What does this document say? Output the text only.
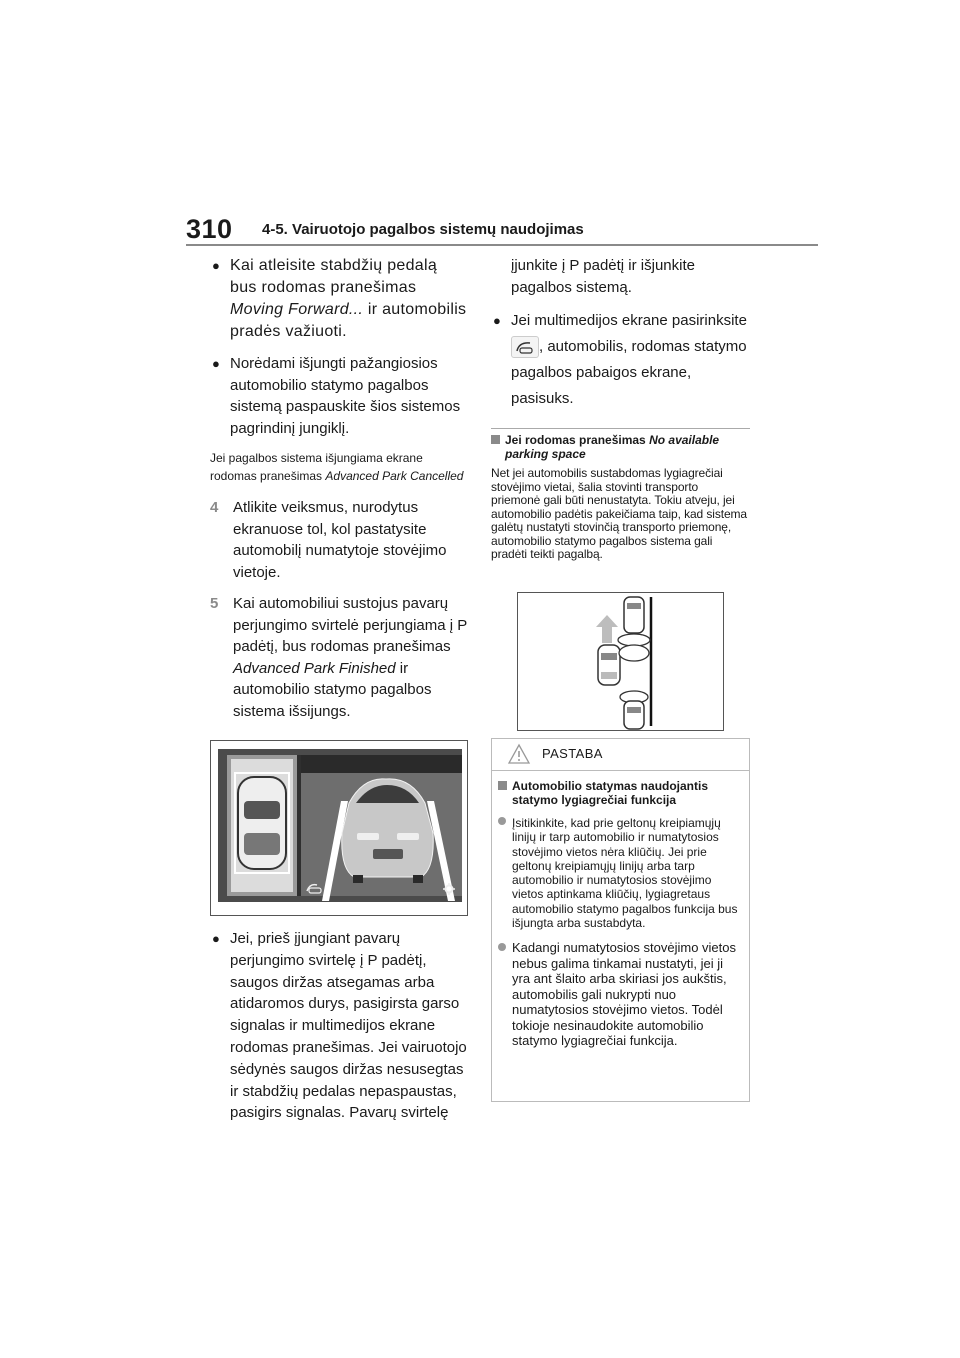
310 4-5. Vairuotojo pagalbos sistemų naudojimas
● Kai atleisite stabdžių pedalą bus rodomas pranešimas Moving Forward... ir automobilis pradės važiuoti.
● Norėdami išjungti pažangiosios automobilio statymo pagalbos sistemą paspauskite šios sistemos pagrindinį jungiklį.
Jei pagalbos sistema išjungiama ekrane rodomas pranešimas Advanced Park Cancelled
4 Atlikite veiksmus, nurodytus ekranuose tol, kol pastatysite automobilį numatytoje stovėjimo vietoje.
5 Kai automobiliui sustojus pavarų perjungimo svirtelė perjungiama į P padėtį, bus rodomas pranešimas Advanced Park Finished ir automobilio statymo pagalbos sistema išsijungs.
● Jei, prieš įjungiant pavarų perjungimo svirtelę į P padėtį, saugos diržas atsegamas arba atidaromos durys, pasigirsta garso signalas ir multimedijos ekrane rodomas pranešimas. Jei vairuotojo sėdynės saugos diržas nesusegtas ir stabdžių pedalas nepaspaustas, pasigirs signalas. Pavarų svirtelę

įjunkite į P padėtį ir išjunkite pagalbos sistemą.

● Jei multimedijos ekrane pasirinksite
, automobilis, rodomas statymo pagalbos pabaigos ekrane, pasisuks.
Jei rodomas pranešimas No available parking space

Net jei automobilis sustabdomas lygiagrečiai stovėjimo vietai, šalia stovinti transporto priemonė gali būti nenustatyta. Tokiu atveju, jei automobilio padėtis pakeičiama taip, kad sistema galėtų nustatyti stovinčią transporto priemonę, automobilio statymo pagalbos sistema gali pradėti teikti pagalbą.

PASTABA
Automobilio statymas naudojantis statymo lygiagrečiai funkcija
Įsitikinkite, kad prie geltonų kreipiamųjų linijų ir tarp automobilio ir numatytosios stovėjimo vietos nėra kliūčių. Jei prie geltonų kreipiamųjų linijų arba tarp automobilio ir numatytosios stovėjimo vietos aptinkama kliūčių, lygiagretaus automobilio statymo pagalbos funkcija bus išjungta arba sustabdyta.
Kadangi numatytosios stovėjimo vietos nebus galima tinkamai nustatyti, jei ji yra ant šlaito arba skiriasi jos aukštis, automobilis gali nukrypti nuo numatytosios stovėjimo vietos. Todėl tokioje nesinaudokite automobilio statymo lygiagrečiai funkcija.
